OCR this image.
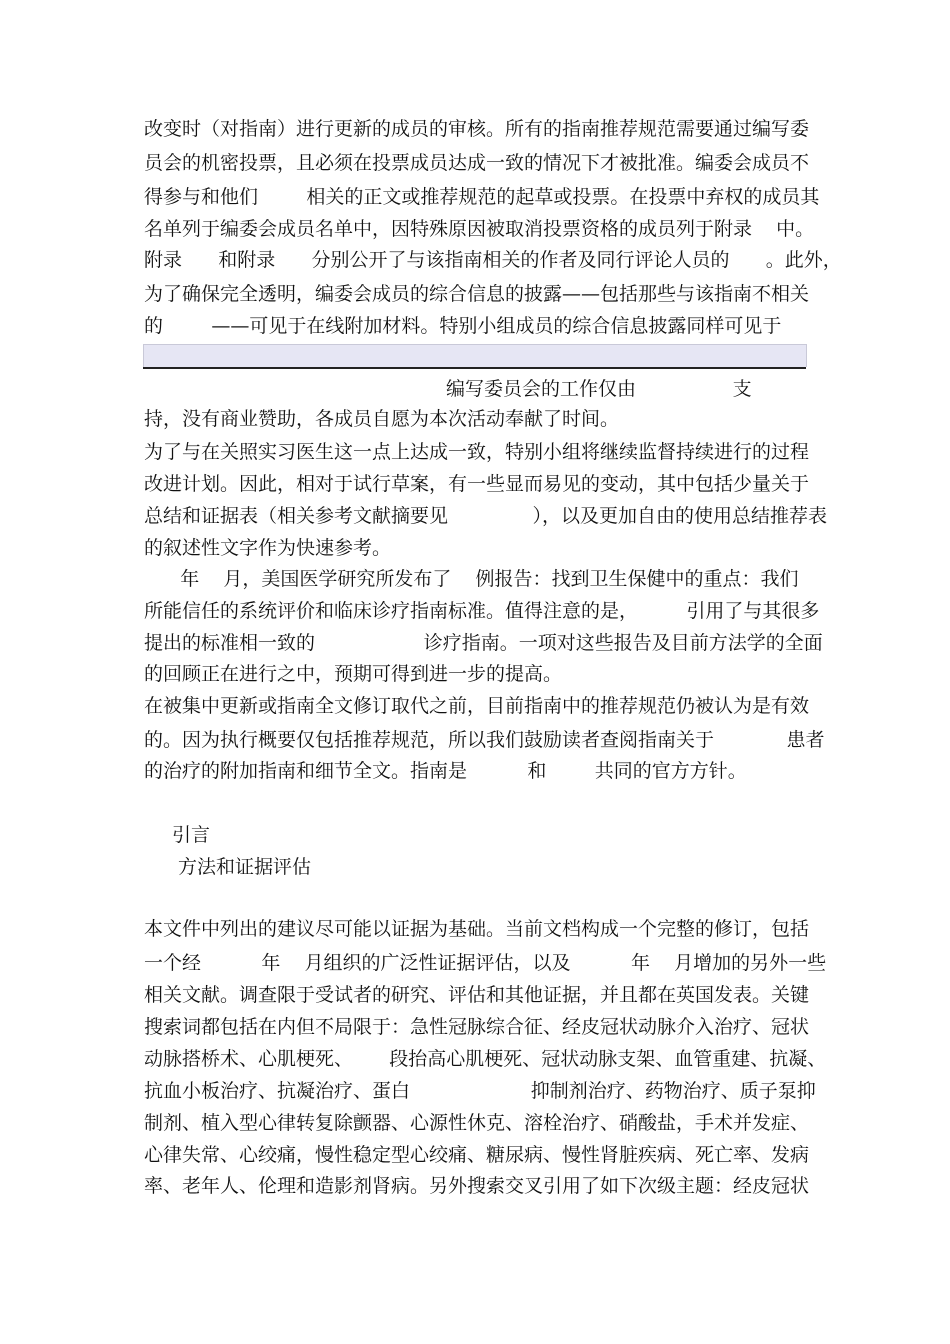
改变时（对指南）进行更新的成员的审核。所有的指南推荐规范需要通过编写委
员会的机密投票，且必须在投票成员达成一致的情况下才被批准。编委会成员不
得参与和他们        相关的正文或推荐规范的起草或投票。在投票中弃权的成员其
名单列于编委会成员名单中，因特殊原因被取消投票资格的成员列于附录    中。
附录      和附录      分别公开了与该指南相关的作者及同行评论人员的      。此外，
为了确保完全透明，编委会成员的综合信息的披露——包括那些与该指南不相关
的        ——可见于在线附加材料。特别小组成员的综合信息披露同样可见于
编写委员会的工作仅由                支
持，没有商业赞助，各成员自愿为本次活动奉献了时间。
为了与在关照实习医生这一点上达成一致，特别小组将继续监督持续进行的过程
改进计划。因此，相对于试行草案，有一些显而易见的变动，其中包括少量关于
总结和证据表（相关参考文献摘要见              ），以及更加自由的使用总结推荐表
的叙述性文字作为快速参考。
年    月，美国医学研究所发布了    例报告：找到卫生保健中的重点：我们
所能信任的系统评价和临床诊疗指南标准。值得注意的是，        引用了与其很多
提出的标准相一致的                  诊疗指南。一项对这些报告及目前方法学的全面
的回顾正在进行之中，预期可得到进一步的提高。
在被集中更新或指南全文修订取代之前，目前指南中的推荐规范仍被认为是有效
的。因为执行概要仅包括推荐规范，所以我们鼓励读者查阅指南关于            患者
的治疗的附加指南和细节全文。指南是          和        共同的官方方针。
引言
方法和证据评估
本文件中列出的建议尽可能以证据为基础。当前文档构成一个完整的修订，包括
一个经          年    月组织的广泛性证据评估，以及          年    月增加的另外一些
相关文献。调查限于受试者的研究、评估和其他证据，并且都在英国发表。关键
搜索词都包括在内但不局限于：急性冠脉综合征、经皮冠状动脉介入治疗、冠状
动脉搭桥术、心肌梗死、      段抬高心肌梗死、冠状动脉支架、血管重建、抗凝、
抗血小板治疗、抗凝治疗、蛋白                    抑制剂治疗、药物治疗、质子泵抑
制剂、植入型心律转复除颤器、心源性休克、溶栓治疗、硝酸盐，手术并发症、
心律失常、心绞痛，慢性稳定型心绞痛、糖尿病、慢性肾脏疾病、死亡率、发病
率、老年人、伦理和造影剂肾病。另外搜索交叉引用了如下次级主题：经皮冠状
